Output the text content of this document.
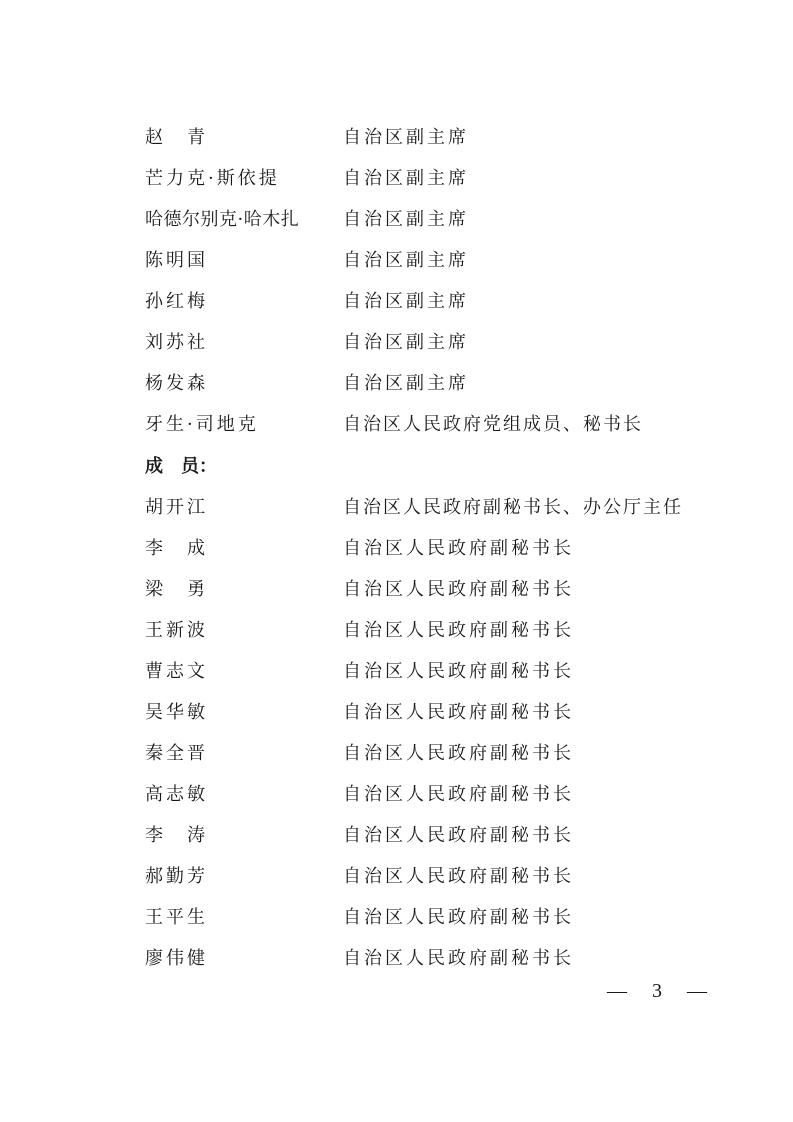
赵　青	自治区副主席
芒力克·斯依提	自治区副主席
哈德尔别克·哈木扎 自治区副主席
陈明国	自治区副主席
孙红梅	自治区副主席
刘苏社	自治区副主席
杨发森	自治区副主席
牙生·司地克	自治区人民政府党组成员、秘书长
成　员：
胡开江	自治区人民政府副秘书长、办公厅主任
李　成	自治区人民政府副秘书长
梁　勇	自治区人民政府副秘书长
王新波	自治区人民政府副秘书长
曹志文	自治区人民政府副秘书长
吴华敏	自治区人民政府副秘书长
秦全晋	自治区人民政府副秘书长
高志敏	自治区人民政府副秘书长
李　涛	自治区人民政府副秘书长
郝勤芳	自治区人民政府副秘书长
王平生	自治区人民政府副秘书长
廖伟健	自治区人民政府副秘书长
— 3 —
